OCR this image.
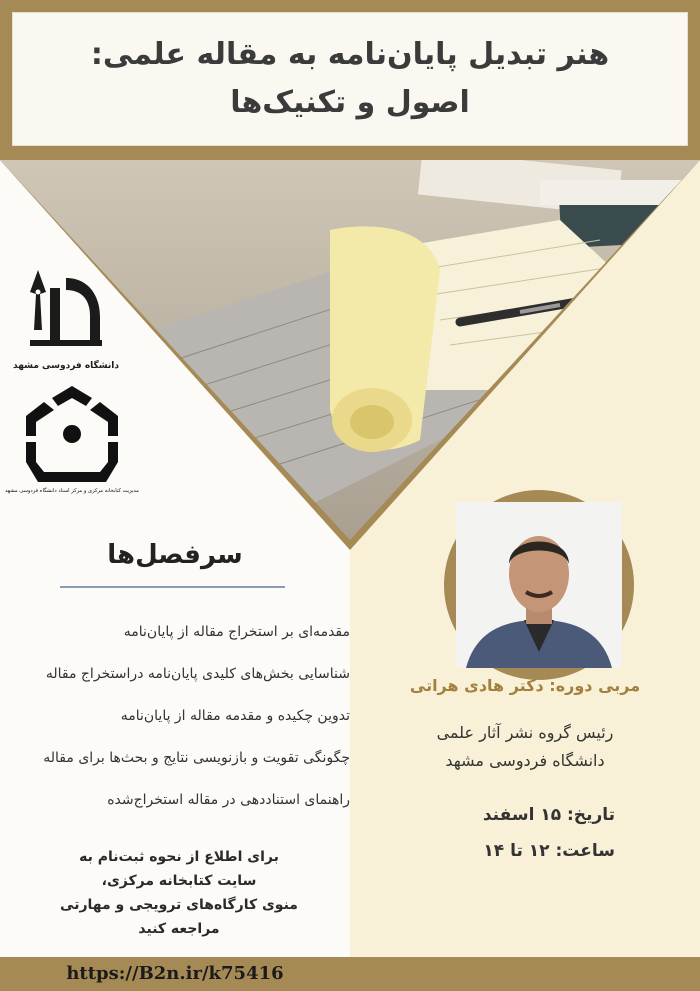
هنر تبدیل پایان‌نامه به مقاله علمی:
اصول و تکنیک‌ها
دانشگاه فردوسی مشهد
مدیریت کتابخانه مرکزی و مرکز اسناد دانشگاه فردوسی مشهد
سرفصل‌ها
مقدمه‌ای بر استخراج مقاله از پایان‌نامه
شناسایی بخش‌های کلیدی پایان‌نامه دراستخراج مقاله
تدوین چکیده و مقدمه مقاله از پایان‌نامه
چگونگی تقویت و بازنویسی نتایج و بحث‌ها برای مقاله
راهنمای استناددهی در مقاله استخراج‌شده
برای اطلاع از نحوه ثبت‌نام به
سایت کتابخانه مرکزی،
منوی کارگاه‌های ترویجی و مهارتی
مراجعه کنید
مربی دوره: دکتر هادی هراتی
رئیس گروه نشر آثار علمی
دانشگاه فردوسی مشهد
تاریخ: ۱۵ اسفند
ساعت: ۱۲ تا ۱۴
https://B2n.ir/k75416
